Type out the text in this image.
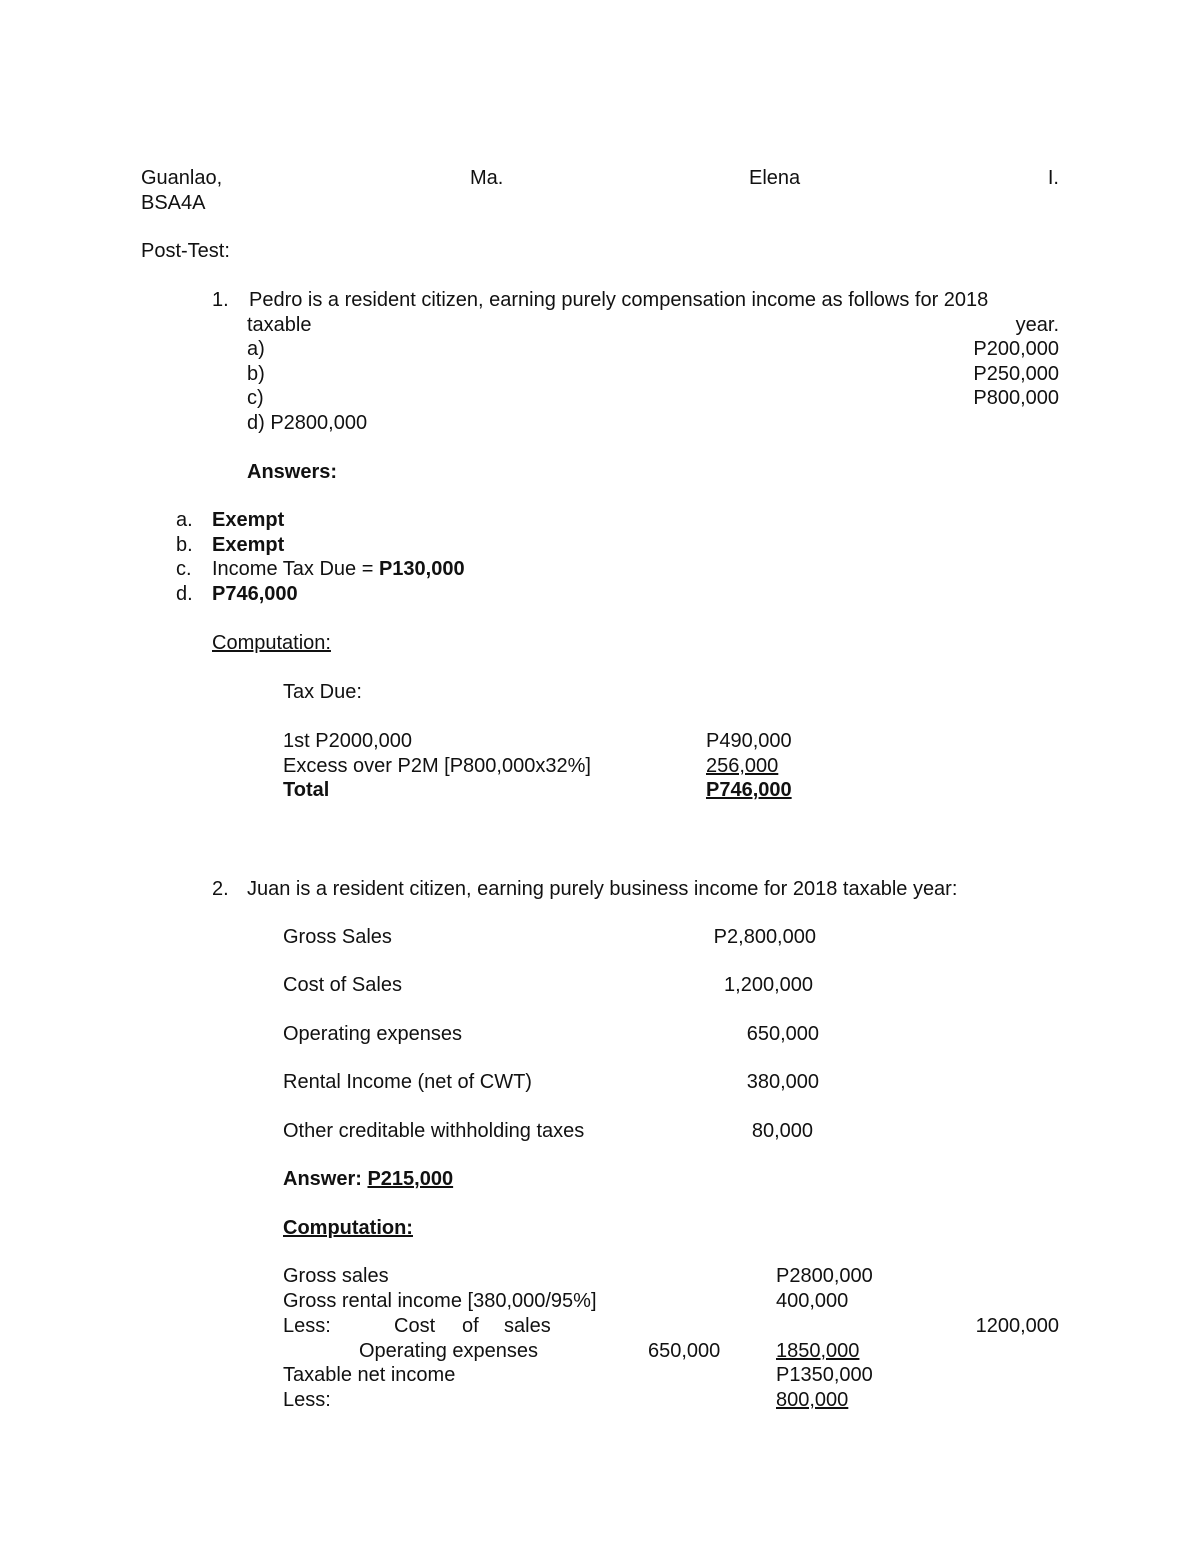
Guanlao,	Ma.	Elena	I.
BSA4A
Post-Test:
1. Pedro is a resident citizen, earning purely compensation income as follows for 2018
taxable	year.
a)	P200,000
b)	P250,000
c)	P800,000
d) P2800,000
Answers:
a. Exempt
b. Exempt
c. Income Tax Due = P130,000
d. P746,000
Computation:
Tax Due:
1st P2000,000	P490,000
Excess over P2M [P800,000x32%]	256,000
Total	P746,000
2. Juan is a resident citizen, earning purely business income for 2018 taxable year:
Gross Sales	P2,800,000
Cost of Sales	1,200,000
Operating expenses	650,000
Rental Income (net of CWT)	380,000
Other creditable withholding taxes	80,000
Answer: P215,000
Computation:
Gross sales	P2800,000
Gross rental income [380,000/95%]	400,000
Less:	Cost of sales	1200,000
Operating expenses	650,000	1850,000
Taxable net income	P1350,000
Less:	800,000
